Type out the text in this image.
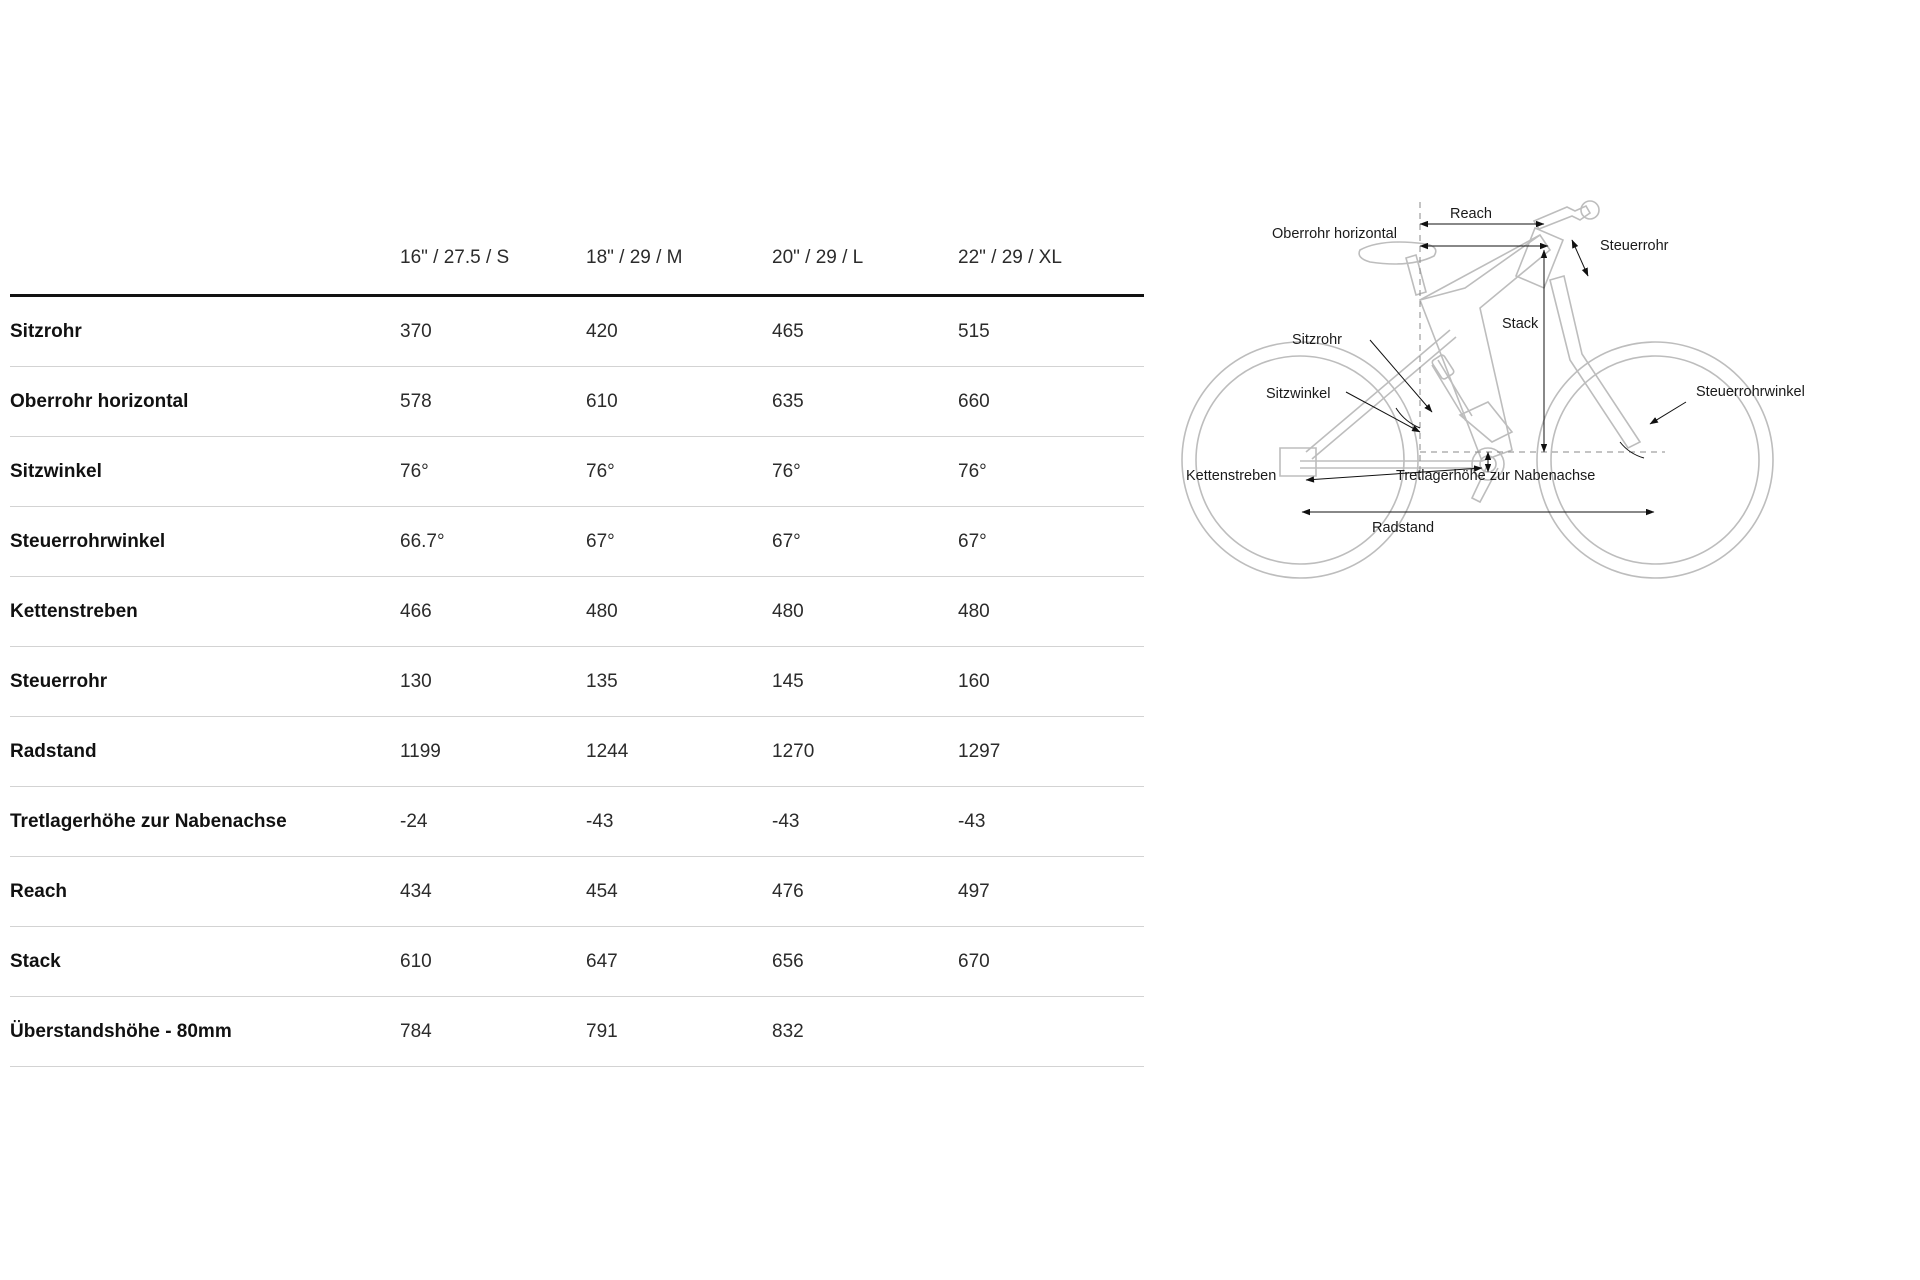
	16" / 27.5 / S	18" / 29 / M	20" / 29 / L	22" / 29 / XL
Sitzrohr	370	420	465	515
Oberrohr horizontal	578	610	635	660
Sitzwinkel	76°	76°	76°	76°
Steuerrohrwinkel	66.7°	67°	67°	67°
Kettenstreben	466	480	480	480
Steuerrohr	130	135	145	160
Radstand	1199	1244	1270	1297
Tretlagerhöhe zur Nabenachse	-24	-43	-43	-43
Reach	434	454	476	497
Stack	610	647	656	670
Überstandshöhe - 80mm	784	791	832	
Reach
Oberrohr horizontal
Steuerrohr
Stack
Sitzrohr
Sitzwinkel	Steuerrohrwinkel
Kettenstreben	Tretlagerhöhe zur Nabenachse
Radstand
